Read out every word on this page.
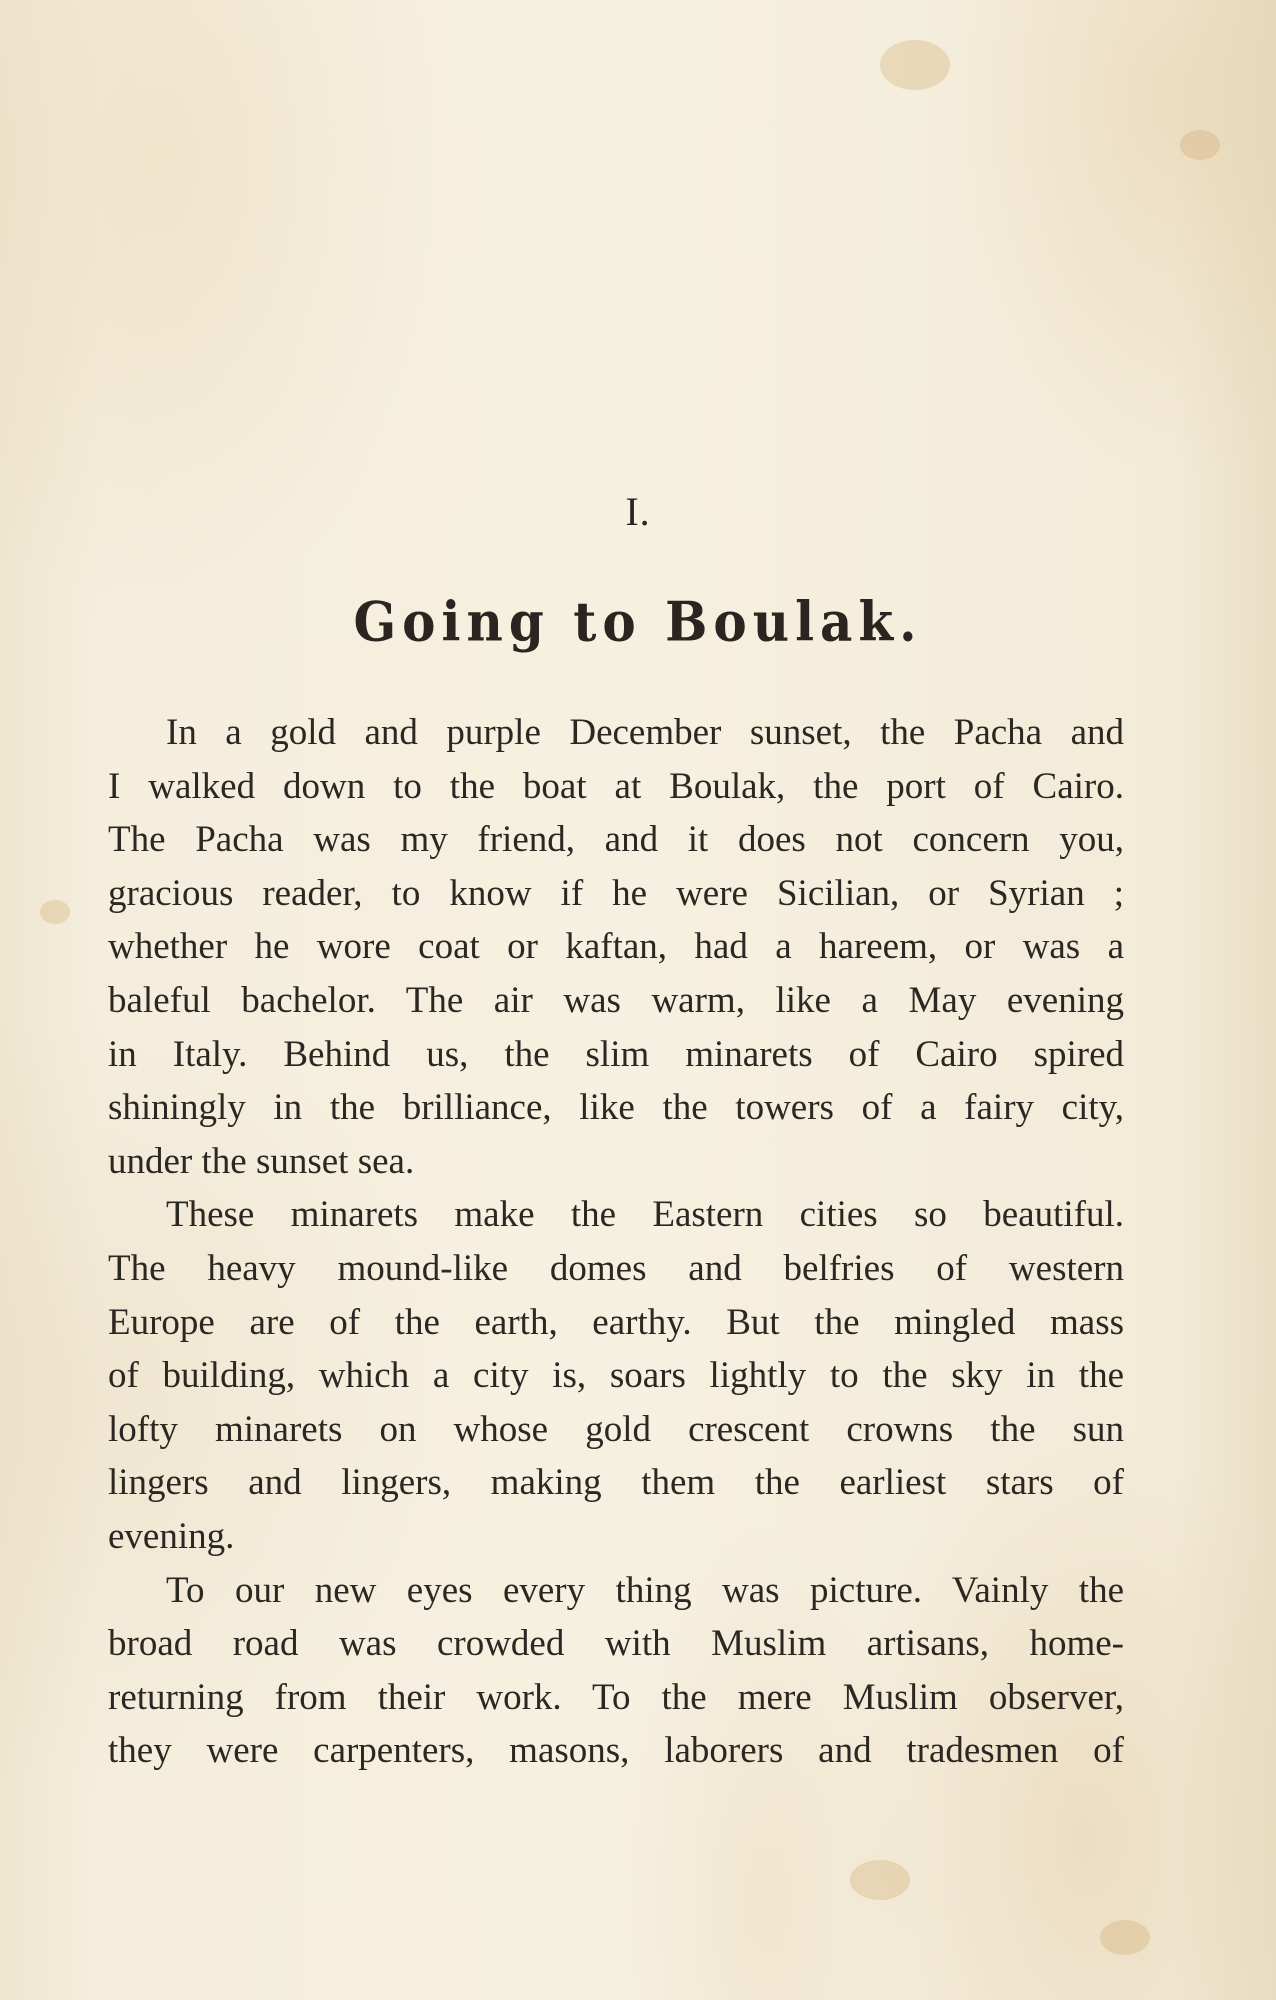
I.
Going to Boulak.
In a gold and purple December sunset, the Pacha and
I walked down to the boat at Boulak, the port of Cairo.
The Pacha was my friend, and it does not concern you,
gracious reader, to know if he were Sicilian, or Syrian ;
whether he wore coat or kaftan, had a hareem, or was a
baleful bachelor. The air was warm, like a May evening
in Italy. Behind us, the slim minarets of Cairo spired
shiningly in the brilliance, like the towers of a fairy city,
under the sunset sea.
These minarets make the Eastern cities so beautiful.
The heavy mound-like domes and belfries of western
Europe are of the earth, earthy. But the mingled mass
of building, which a city is, soars lightly to the sky in the
lofty minarets on whose gold crescent crowns the sun
lingers and lingers, making them the earliest stars of
evening.
To our new eyes every thing was picture. Vainly the
broad road was crowded with Muslim artisans, home-
returning from their work. To the mere Muslim observer,
they were carpenters, masons, laborers and tradesmen of
